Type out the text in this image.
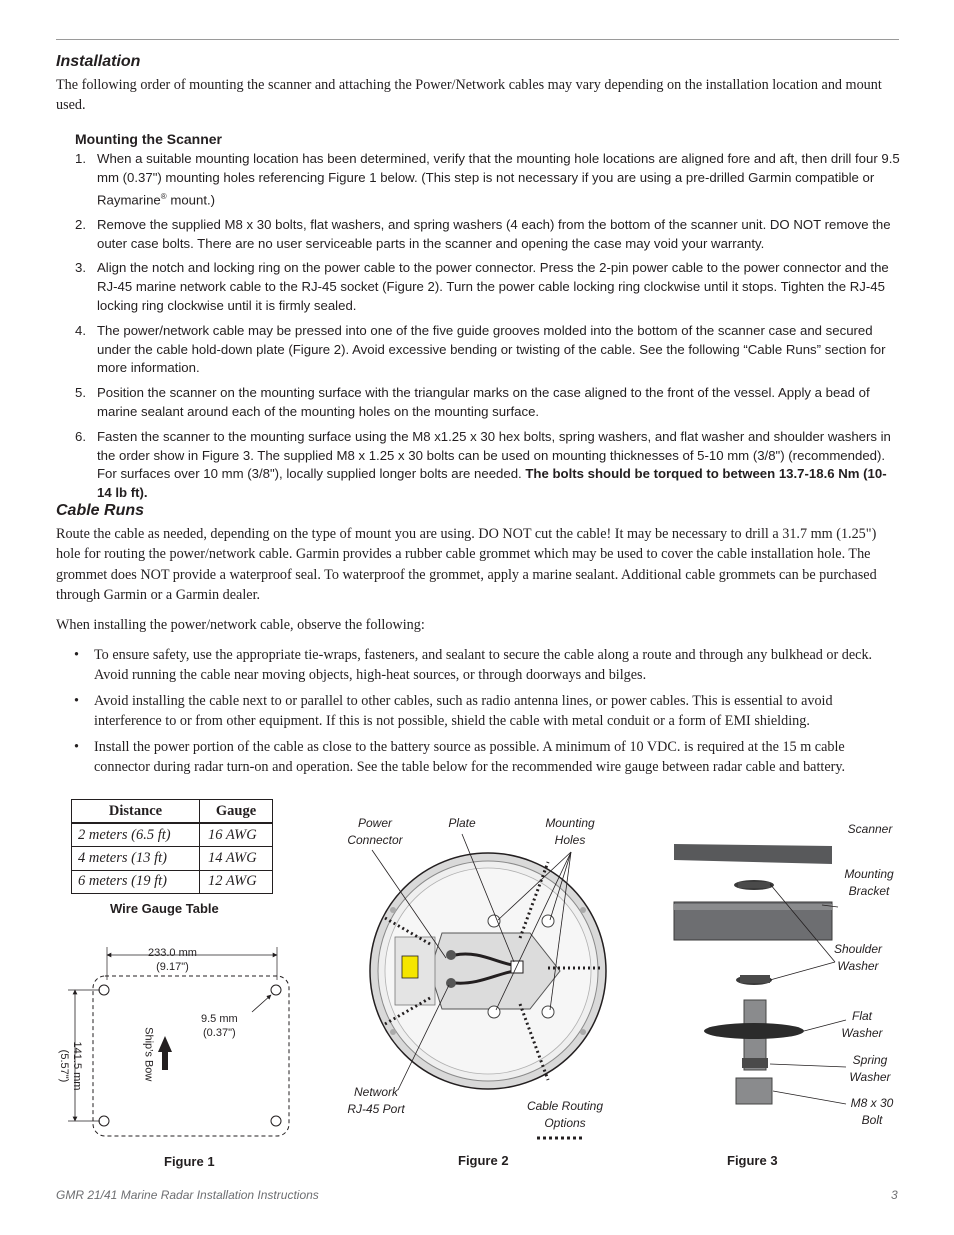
Installation

The following order of mounting the scanner and attaching the Power/Network cables may vary depending on the installation location and mount used.

Mounting the Scanner
1. When a suitable mounting location has been determined, verify that the mounting hole locations are aligned fore and aft, then drill four 9.5 mm (0.37") mounting holes referencing Figure 1 below. (This step is not necessary if you are using a pre-drilled Garmin compatible or Raymarine® mount.)
2. Remove the supplied M8 x 30 bolts, flat washers, and spring washers (4 each) from the bottom of the scanner unit. DO NOT remove the outer case bolts. There are no user serviceable parts in the scanner and opening the case may void your warranty.
3. Align the notch and locking ring on the power cable to the power connector. Press the 2-pin power cable to the power connector and the RJ-45 marine network cable to the RJ-45 socket (Figure 2). Turn the power cable locking ring clockwise until it stops. Tighten the RJ-45 locking ring clockwise until it is firmly sealed.
4. The power/network cable may be pressed into one of the five guide grooves molded into the bottom of the scanner case and secured under the cable hold-down plate (Figure 2). Avoid excessive bending or twisting of the cable. See the following “Cable Runs” section for more information.
5. Position the scanner on the mounting surface with the triangular marks on the case aligned to the front of the vessel. Apply a bead of marine sealant around each of the mounting holes on the mounting surface.
6. Fasten the scanner to the mounting surface using the M8 x1.25 x 30 hex bolts, spring washers, and flat washer and shoulder washers in the order show in Figure 3. The supplied M8 x 1.25 x 30 bolts can be used on mounting thicknesses of 5-10 mm (3/8") (recommended). For surfaces over 10 mm (3/8"), locally supplied longer bolts are needed. The bolts should be torqued to between 13.7-18.6 Nm (10-14 lb ft).
Cable Runs

Route the cable as needed, depending on the type of mount you are using. DO NOT cut the cable! It may be necessary to drill a 31.7 mm (1.25") hole for routing the power/network cable. Garmin provides a rubber cable grommet which may be used to cover the cable installation hole. The grommet does NOT provide a waterproof seal. To waterproof the grommet, apply a marine sealant. Additional cable grommets can be purchased through Garmin or a Garmin dealer.

When installing the power/network cable, observe the following:

• To ensure safety, use the appropriate tie-wraps, fasteners, and sealant to secure the cable along a route and through any bulkhead or deck. Avoid running the cable near moving objects, high-heat sources, or through doorways and bilges.
• Avoid installing the cable next to or parallel to other cables, such as radio antenna lines, or power cables. This is essential to avoid interference to or from other equipment. If this is not possible, shield the cable with metal conduit or a form of EMI shielding.
• Install the power portion of the cable as close to the battery source as possible. A minimum of 10 VDC. is required at the 15 m cable connector during radar turn-on and operation. See the table below for the recommended wire gauge between radar cable and battery.
Distance	Gauge
2 meters (6.5 ft)	16 AWG
4 meters (13 ft)	14 AWG
6 meters (19 ft)	12 AWG
Wire Gauge Table
233.0 mm
(9.17")
9.5 mm
(0.37")
141.5 mm
(5.57")	Ship’s Bow
Figure 1
Power
Connector
Plate	Mounting
Holes
Network
RJ-45 Port	Cable Routing
Options
Figure 2
Scanner
Mounting
Bracket
Shoulder
Washer
Flat
Washer
Spring
Washer
M8 x 30
Bolt
Figure 3
GMR 21/41 Marine Radar Installation Instructions	3
